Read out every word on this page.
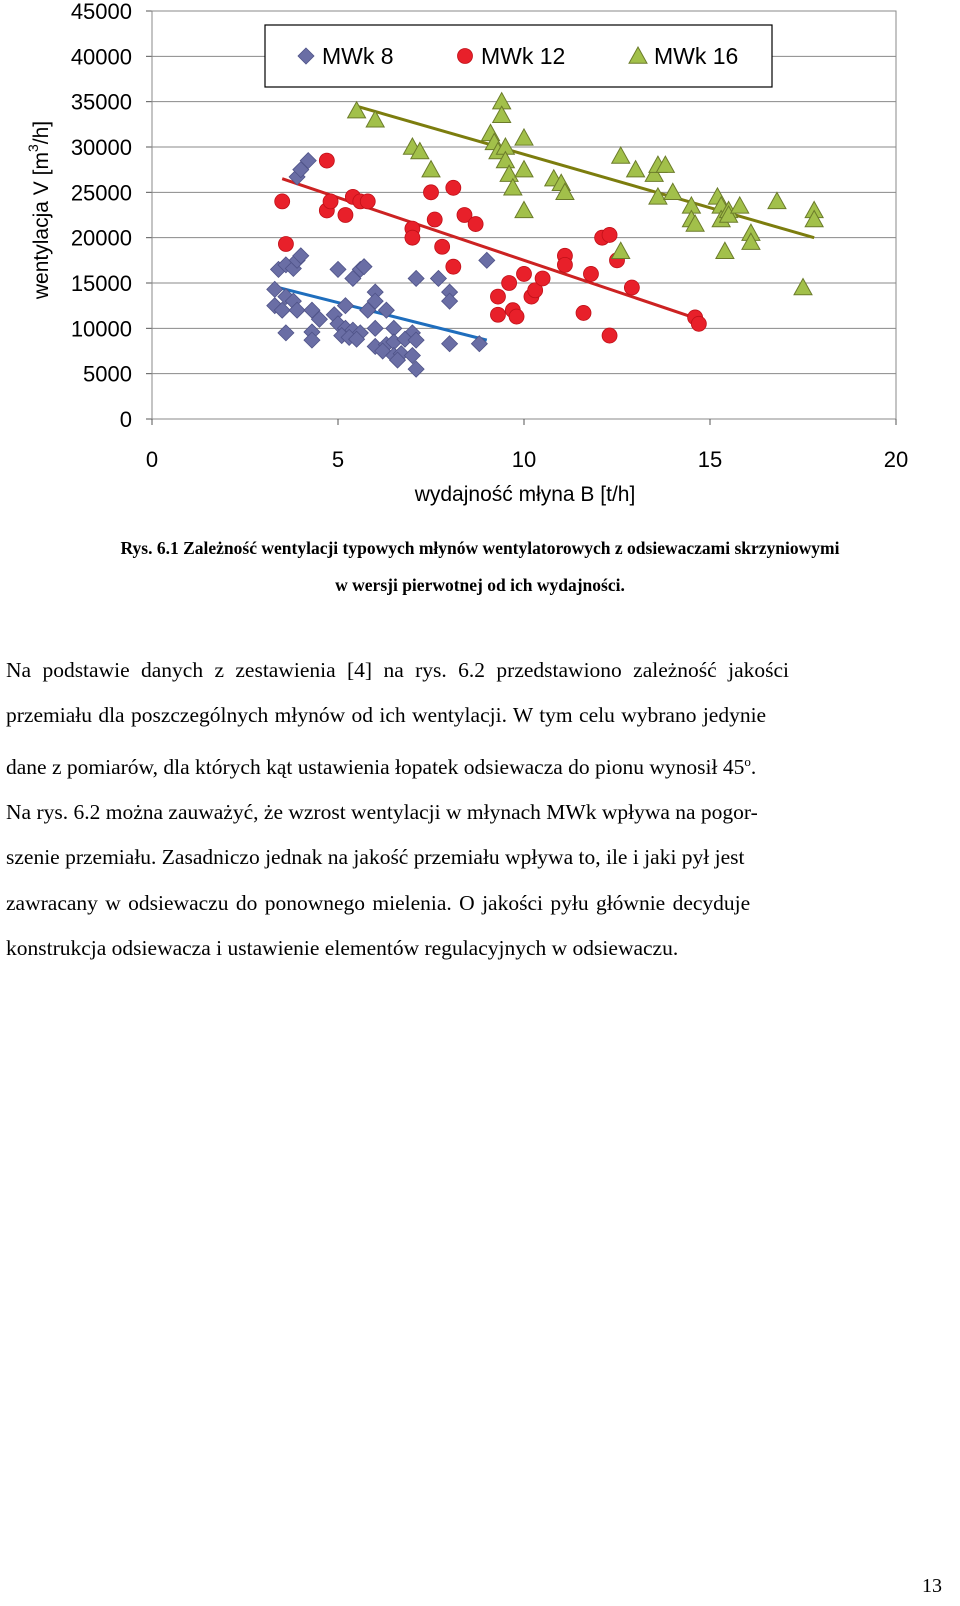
0
5000
10000
15000
20000
25000
30000
35000
40000
45000
0	5	10	15	20
wydajność młyna B [t/h]
wentylacja V $[m^3/h]$
MWk 8	MWk 12	MWk 16
Rys. 6.1 Zależność wentylacji typowych młynów wentylatorowych z odsiewaczami skrzyniowymi
w wersji pierwotnej od ich wydajności.
Na podstawie danych z zestawienia [4] na rys. 6.2 przedstawiono zależność jakości
przemiału dla poszczególnych młynów od ich wentylacji. W tym celu wybrano jedynie
dane z pomiarów, dla których kąt ustawienia łopatek odsiewacza do pionu wynosił 45$^o$.
Na rys. 6.2 można zauważyć, że wzrost wentylacji w młynach MWk wpływa na pogor-
szenie przemiału. Zasadniczo jednak na jakość przemiału wpływa to, ile i jaki pył jest
zawracany w odsiewaczu do ponownego mielenia. O jakości pyłu głównie decyduje
konstrukcja odsiewacza i ustawienie elementów regulacyjnych w odsiewaczu.
13
